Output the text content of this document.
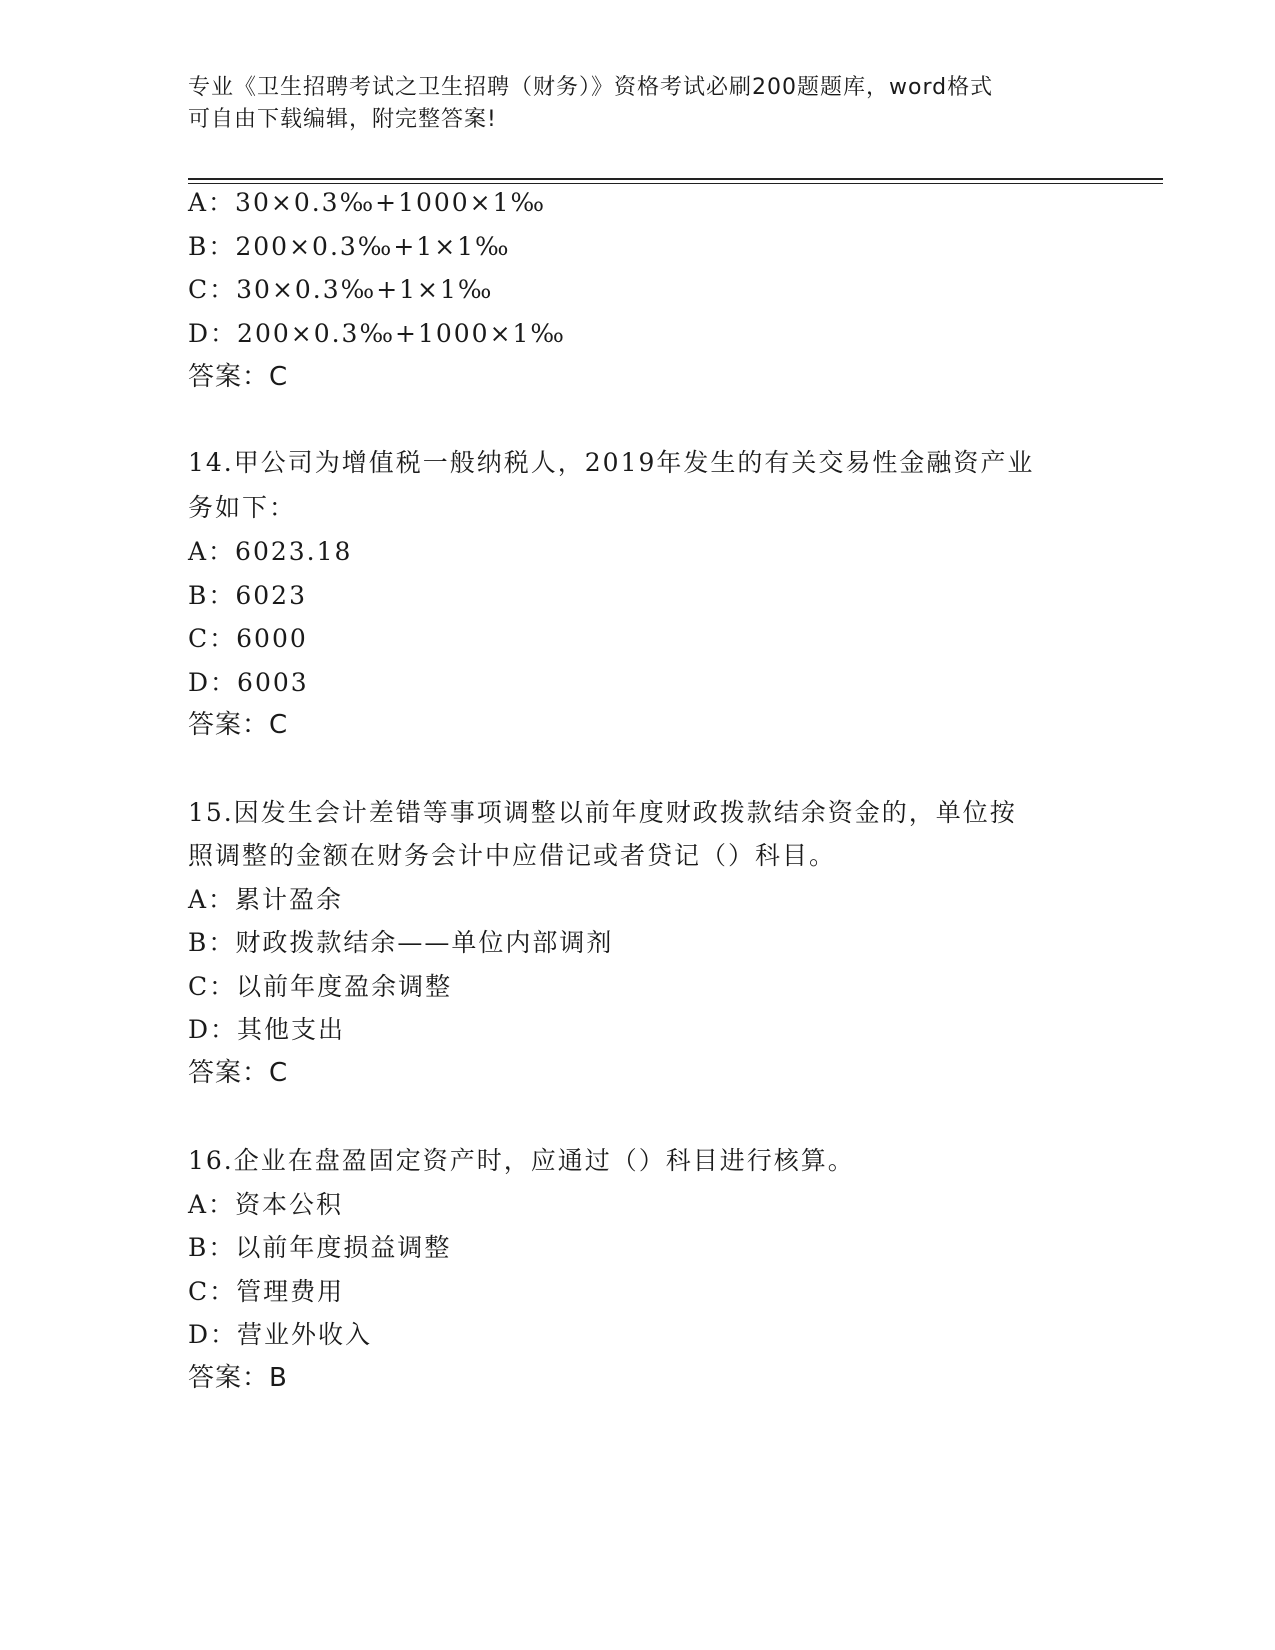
专业《卫生招聘考试之卫生招聘（财务）》资格考试必刷200题题库，word格式
可自由下载编辑，附完整答案!
A：30×0.3‰+1000×1‰
B：200×0.3‰+1×1‰
C：30×0.3‰+1×1‰
D：200×0.3‰+1000×1‰
答案：C
14.甲公司为增值税一般纳税人，2019年发生的有关交易性金融资产业
务如下：
A：6023.18
B：6023
C：6000
D：6003
答案：C
15.因发生会计差错等事项调整以前年度财政拨款结余资金的，单位按
照调整的金额在财务会计中应借记或者贷记（）科目。
A：累计盈余
B：财政拨款结余——单位内部调剂
C：以前年度盈余调整
D：其他支出
答案：C
16.企业在盘盈固定资产时，应通过（）科目进行核算。
A：资本公积
B：以前年度损益调整
C：管理费用
D：营业外收入
答案：B
